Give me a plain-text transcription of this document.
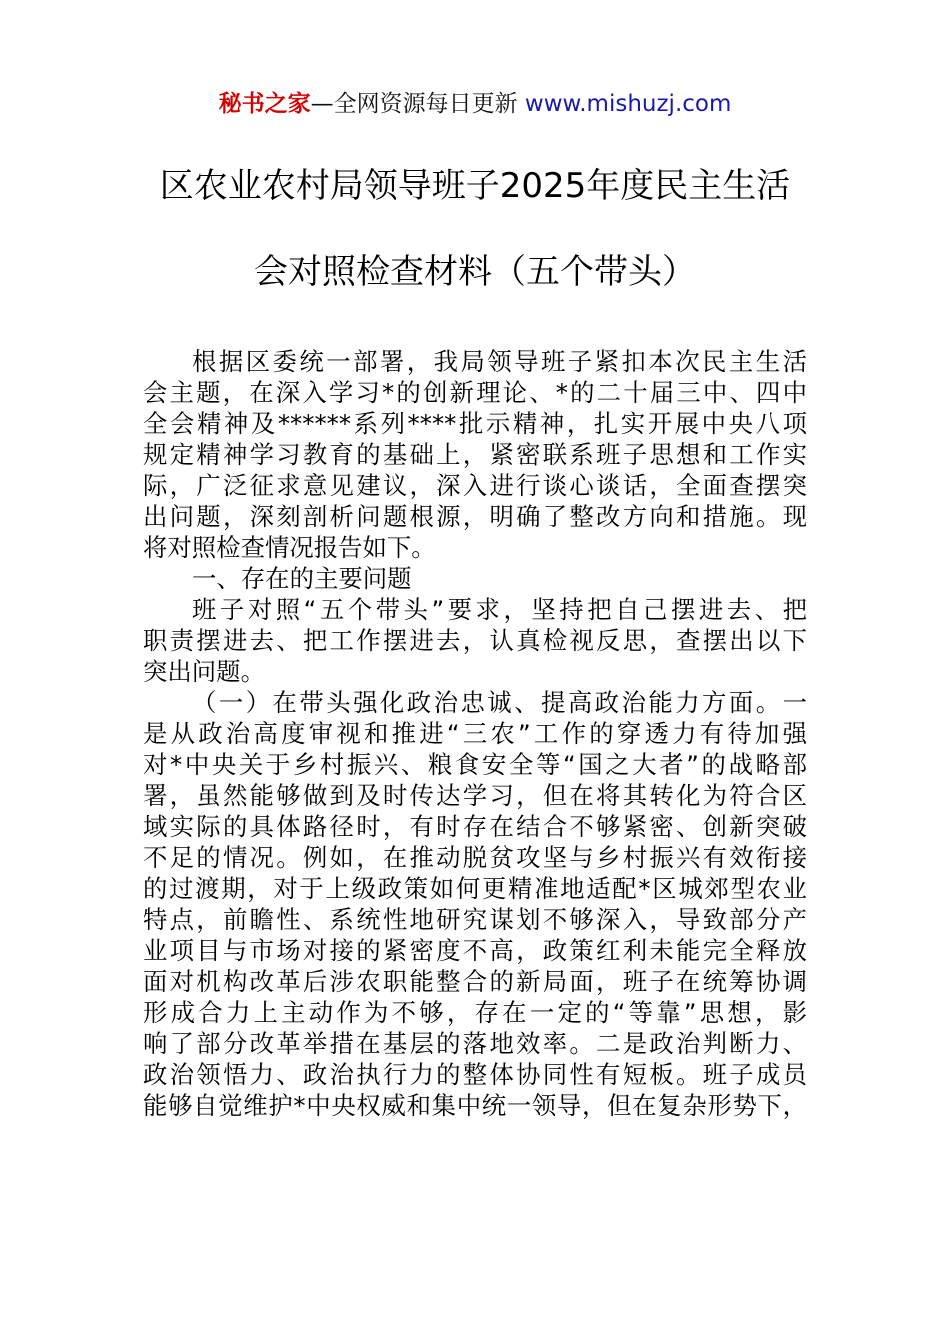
秘书之家—全网资源每日更新 www.mishuzj.com
区农业农村局领导班子2025年度民主生活
会对照检查材料（五个带头）
根据区委统一部署，我局领导班子紧扣本次民主生活
会主题，在深入学习*的创新理论、*的二十届三中、四中
全会精神及******系列****批示精神，扎实开展中央八项
规定精神学习教育的基础上，紧密联系班子思想和工作实
际，广泛征求意见建议，深入进行谈心谈话，全面查摆突
出问题，深刻剖析问题根源，明确了整改方向和措施。现
将对照检查情况报告如下。
一、存在的主要问题
班子对照“五个带头”要求，坚持把自己摆进去、把
职责摆进去、把工作摆进去，认真检视反思，查摆出以下
突出问题。
（一）在带头强化政治忠诚、提高政治能力方面。一
是从政治高度审视和推进“三农”工作的穿透力有待加强
对*中央关于乡村振兴、粮食安全等“国之大者”的战略部
署，虽然能够做到及时传达学习，但在将其转化为符合区
域实际的具体路径时，有时存在结合不够紧密、创新突破
不足的情况。例如，在推动脱贫攻坚与乡村振兴有效衔接
的过渡期，对于上级政策如何更精准地适配*区城郊型农业
特点，前瞻性、系统性地研究谋划不够深入，导致部分产
业项目与市场对接的紧密度不高，政策红利未能完全释放
面对机构改革后涉农职能整合的新局面，班子在统筹协调
形成合力上主动作为不够，存在一定的“等靠”思想，影
响了部分改革举措在基层的落地效率。二是政治判断力、
政治领悟力、政治执行力的整体协同性有短板。班子成员
能够自觉维护*中央权威和集中统一领导，但在复杂形势下，
